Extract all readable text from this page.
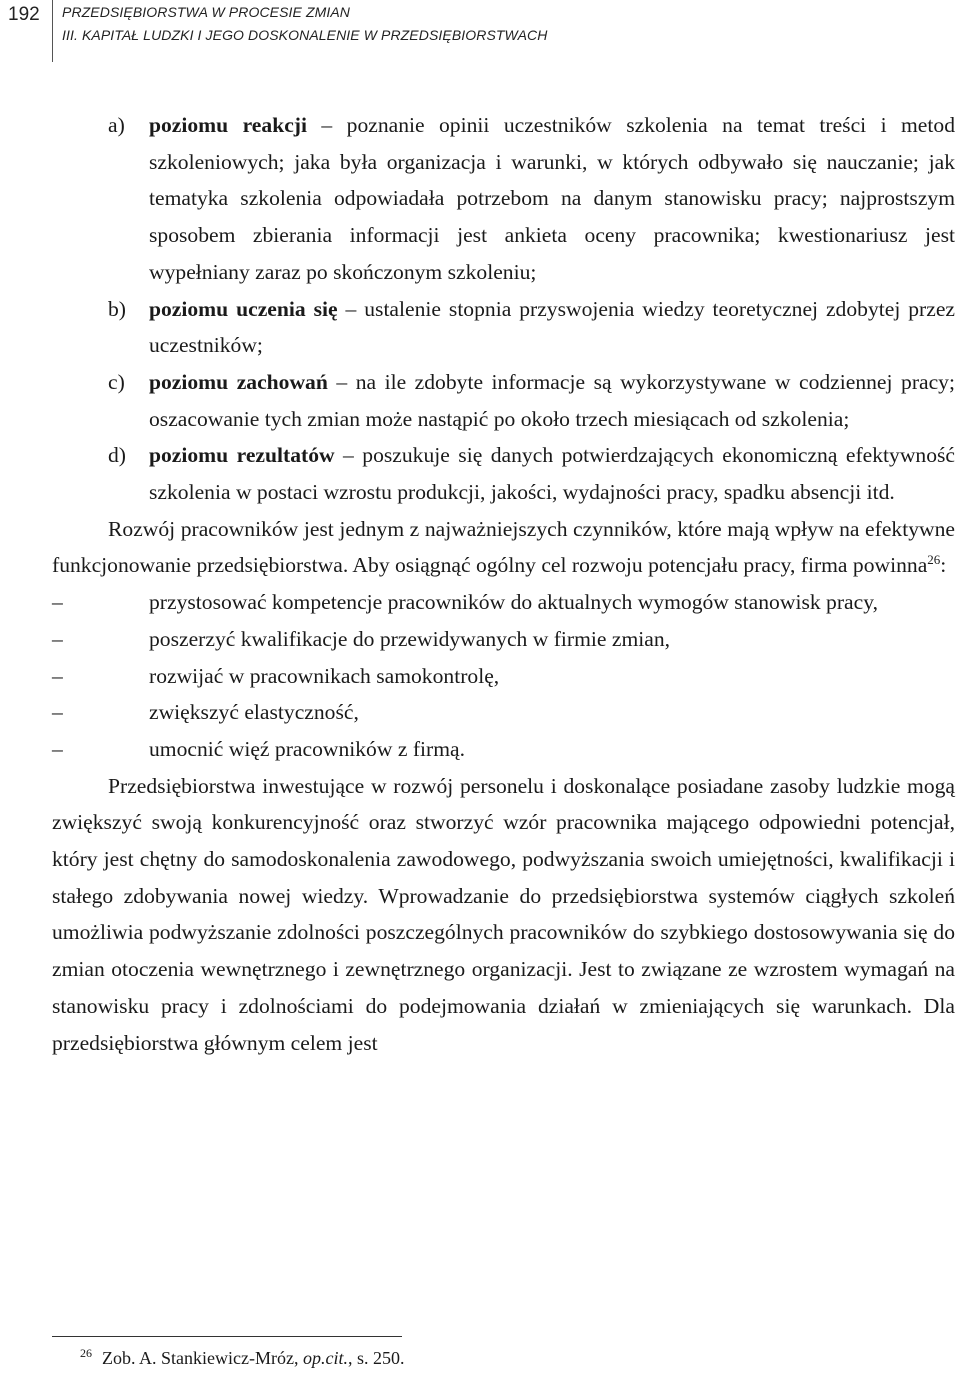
192 PRZEDSIĘBIORSTWA W PROCESIE ZMIAN
III. KAPITAŁ LUDZKI I JEGO DOSKONALENIE W PRZEDSIĘBIORSTWACH
a) poziomu reakcji – poznanie opinii uczestników szkolenia na temat treści i metod szkoleniowych; jaka była organizacja i warunki, w których odbywało się nauczanie; jak tematyka szkolenia odpowiadała potrzebom na danym stanowisku pracy; najprostszym sposobem zbierania informacji jest ankieta oceny pracownika; kwestionariusz jest wypełniany zaraz po skończonym szkoleniu;
b) poziomu uczenia się – ustalenie stopnia przyswojenia wiedzy teoretycznej zdobytej przez uczestników;
c) poziomu zachowań – na ile zdobyte informacje są wykorzystywane w codziennej pracy; oszacowanie tych zmian może nastąpić po około trzech miesiącach od szkolenia;
d) poziomu rezultatów – poszukuje się danych potwierdzających ekonomiczną efektywność szkolenia w postaci wzrostu produkcji, jakości, wydajności pracy, spadku absencji itd.
Rozwój pracowników jest jednym z najważniejszych czynników, które mają wpływ na efektywne funkcjonowanie przedsiębiorstwa. Aby osiągnąć ogólny cel rozwoju potencjału pracy, firma powinna$^{26}$:
–	przystosować kompetencje pracowników do aktualnych wymogów stanowisk pracy,
–	poszerzyć kwalifikacje do przewidywanych w firmie zmian,
–	rozwijać w pracownikach samokontrolę,
–	zwiększyć elastyczność,
–	umocnić więź pracowników z firmą.
Przedsiębiorstwa inwestujące w rozwój personelu i doskonalące posiadane zasoby ludzkie mogą zwiększyć swoją konkurencyjność oraz stworzyć wzór pracownika mającego odpowiedni potencjał, który jest chętny do samodoskonalenia zawodowego, podwyższania swoich umiejętności, kwalifikacji i stałego zdobywania nowej wiedzy. Wprowadzanie do przedsiębiorstwa systemów ciągłych szkoleń umożliwia podwyższanie zdolności poszczególnych pracowników do szybkiego dostosowywania się do zmian otoczenia wewnętrznego i zewnętrznego organizacji. Jest to związane ze wzrostem wymagań na stanowisku pracy i zdolnościami do podejmowania działań w zmieniających się warunkach. Dla przedsiębiorstwa głównym celem jest
$^{26}$ Zob. A. Stankiewicz-Mróz, op.cit., s. 250.
